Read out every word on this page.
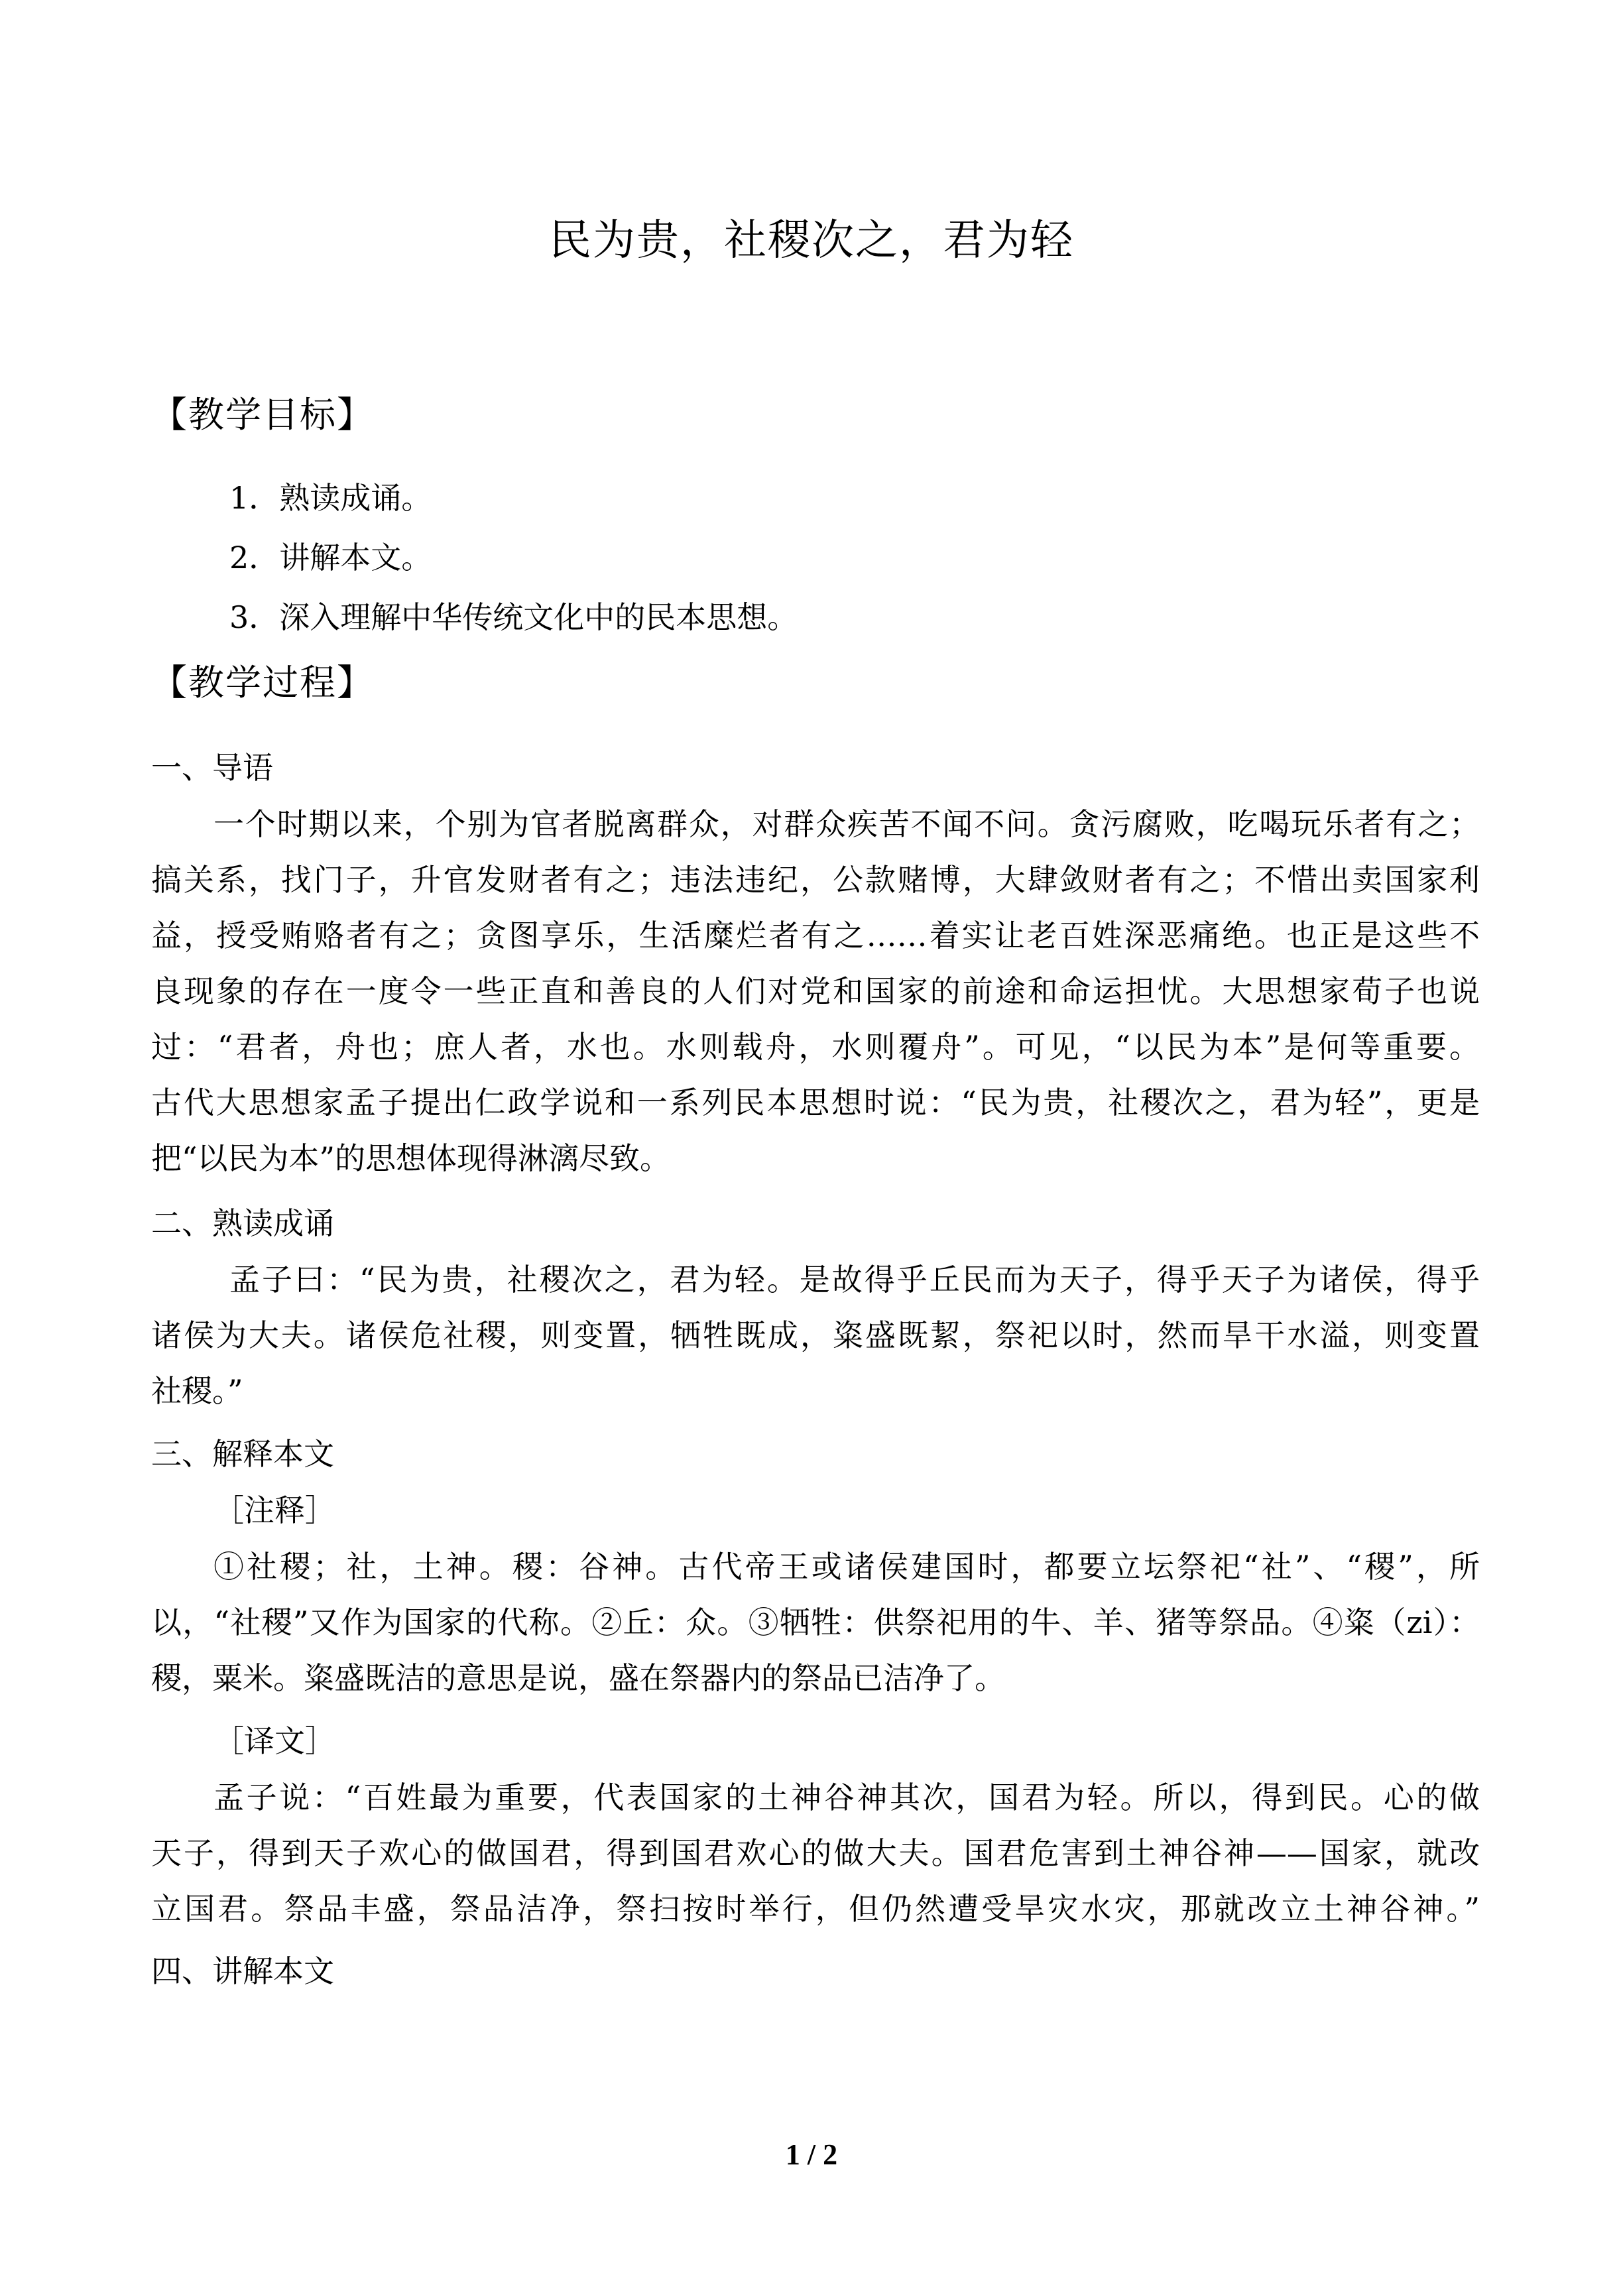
民为贵，社稷次之，君为轻
【教学目标】
1．熟读成诵。
2．讲解本文。
3．深入理解中华传统文化中的民本思想。
【教学过程】
一、导语
一个时期以来，个别为官者脱离群众，对群众疾苦不闻不问。贪污腐败，吃喝玩乐者有之；
搞关系，找门子，升官发财者有之；违法违纪，公款赌博，大肆敛财者有之；不惜出卖国家利
益，授受贿赂者有之；贪图享乐，生活糜烂者有之……着实让老百姓深恶痛绝。也正是这些不
良现象的存在一度令一些正直和善良的人们对党和国家的前途和命运担忧。大思想家荀子也说
过：“君者，舟也；庶人者，水也。水则载舟，水则覆舟”。可见，“以民为本”是何等重要。
古代大思想家孟子提出仁政学说和一系列民本思想时说：“民为贵，社稷次之，君为轻”，更是
把“以民为本”的思想体现得淋漓尽致。
二、熟读成诵
孟子曰：“民为贵，社稷次之，君为轻。是故得乎丘民而为天子，得乎天子为诸侯，得乎
诸侯为大夫。诸侯危社稷，则变置，牺牲既成，粢盛既絜，祭祀以时，然而旱干水溢，则变置
社稷。”
三、解释本文
［注释］
①社稷；社，土神。稷：谷神。古代帝王或诸侯建国时，都要立坛祭祀“社”、“稷”，所
以，“社稷”又作为国家的代称。②丘：众。③牺牲：供祭祀用的牛、羊、猪等祭品。④粢（zi）：
稷，粟米。粢盛既洁的意思是说，盛在祭器内的祭品已洁净了。
［译文］
孟子说：“百姓最为重要，代表国家的土神谷神其次，国君为轻。所以，得到民。心的做
天子，得到天子欢心的做国君，得到国君欢心的做大夫。国君危害到土神谷神——国家，就改
立国君。祭品丰盛，祭品洁净，祭扫按时举行，但仍然遭受旱灾水灾，那就改立土神谷神。”
四、讲解本文
1 / 2
